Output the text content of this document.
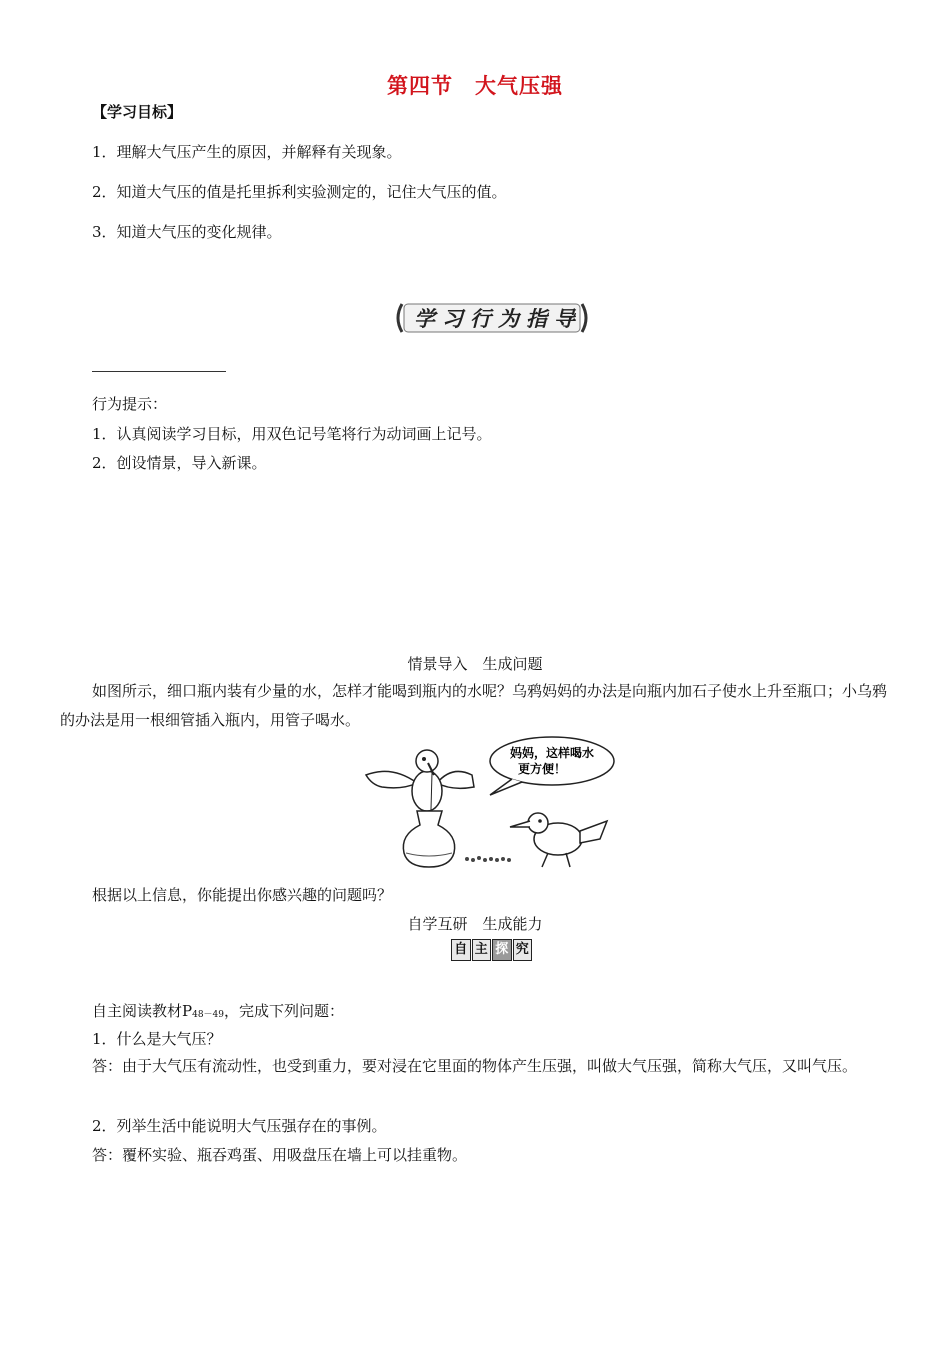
第四节　大气压强
【学习目标】
1．理解大气压产生的原因，并解释有关现象。
2．知道大气压的值是托里拆利实验测定的，记住大气压的值。
3．知道大气压的变化规律。
学 习 行 为 指 导
行为提示：
1．认真阅读学习目标，用双色记号笔将行为动词画上记号。
2．创设情景，导入新课。
情景导入　生成问题
如图所示，细口瓶内装有少量的水，怎样才能喝到瓶内的水呢？乌鸦妈妈的办法是向瓶内加石子使水上升至瓶口；小乌鸦的办法是用一根细管插入瓶内，用管子喝水。
妈妈，这样喝水
更方便！
根据以上信息，你能提出你感兴趣的问题吗？
自学互研　生成能力
自 主 探 究
自主阅读教材P48－49，完成下列问题：
1．什么是大气压？
答：由于大气压有流动性，也受到重力，要对浸在它里面的物体产生压强，叫做大气压强，简称大气压，又叫气压。
2．列举生活中能说明大气压强存在的事例。
答：覆杯实验、瓶吞鸡蛋、用吸盘压在墙上可以挂重物。
